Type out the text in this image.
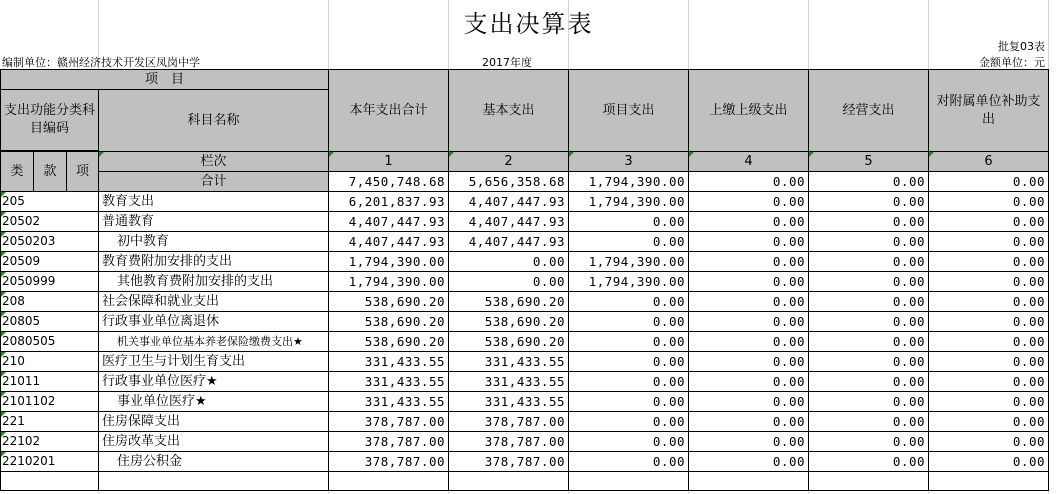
支出决算表
批复03表
编制单位：赣州经济技术开发区凤岗中学	2017年度	金额单位：元
项　目				本年支出合计	基本支出	项目支出	上缴上级支出	经营支出	对附属单位补助支出
支出功能分类科目编码			科目名称						

类	款	项	栏次	1	2	3	4	5	6
			合计	7,450,748.68	5,656,358.68	1,794,390.00	0.00	0.00	0.00
205			教育支出	6,201,837.93	4,407,447.93	1,794,390.00	0.00	0.00	0.00
20502			普通教育	4,407,447.93	4,407,447.93	0.00	0.00	0.00	0.00
2050203			初中教育	4,407,447.93	4,407,447.93	0.00	0.00	0.00	0.00
20509			教育费附加安排的支出	1,794,390.00	0.00	1,794,390.00	0.00	0.00	0.00
2050999			其他教育费附加安排的支出	1,794,390.00	0.00	1,794,390.00	0.00	0.00	0.00
208			社会保障和就业支出	538,690.20	538,690.20	0.00	0.00	0.00	0.00
20805			行政事业单位离退休	538,690.20	538,690.20	0.00	0.00	0.00	0.00
2080505			机关事业单位基本养老保险缴费支出★	538,690.20	538,690.20	0.00	0.00	0.00	0.00
210			医疗卫生与计划生育支出	331,433.55	331,433.55	0.00	0.00	0.00	0.00
21011			行政事业单位医疗★	331,433.55	331,433.55	0.00	0.00	0.00	0.00
2101102			事业单位医疗★	331,433.55	331,433.55	0.00	0.00	0.00	0.00
221			住房保障支出	378,787.00	378,787.00	0.00	0.00	0.00	0.00
22102			住房改革支出	378,787.00	378,787.00	0.00	0.00	0.00	0.00
2210201			住房公积金	378,787.00	378,787.00	0.00	0.00	0.00	0.00
